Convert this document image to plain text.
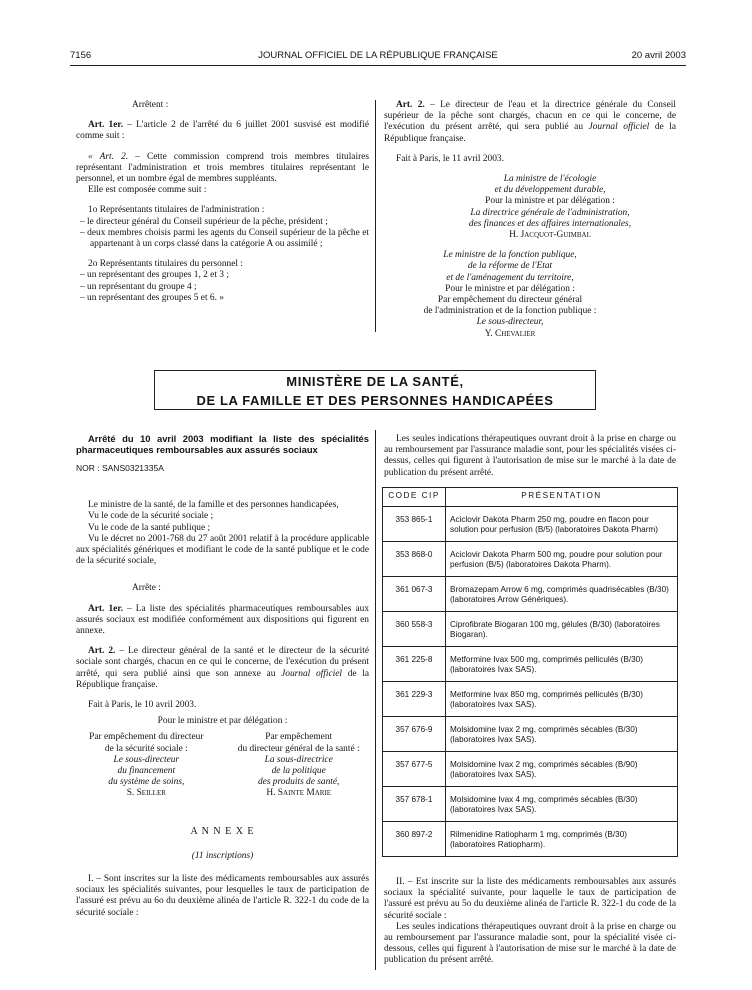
7156	JOURNAL OFFICIEL DE LA RÉPUBLIQUE FRANÇAISE	20 avril 2003

Arrêtent :

Art. 1er. – L'article 2 de l'arrêté du 6 juillet 2001 susvisé est modifié comme suit :

« Art. 2. – Cette commission comprend trois membres titulaires représentant l'administration et trois membres titulaires représentant le personnel, et un nombre égal de membres suppléants.

Elle est composée comme suit :

1o Représentants titulaires de l'administration :

– le directeur général du Conseil supérieur de la pêche, président ;

– deux membres choisis parmi les agents du Conseil supérieur de la pêche et appartenant à un corps classé dans la catégorie A ou assimilé ;

2o Représentants titulaires du personnel :

– un représentant des groupes 1, 2 et 3 ;

– un représentant du groupe 4 ;

– un représentant des groupes 5 et 6. »

Art. 2. – Le directeur de l'eau et la directrice générale du Conseil supérieur de la pêche sont chargés, chacun en ce qui le concerne, de l'exécution du présent arrêté, qui sera publié au Journal officiel de la République française.

Fait à Paris, le 11 avril 2003.

La ministre de l'écologie

et du développement durable,

Pour la ministre et par délégation :

La directrice générale de l'administration,

des finances et des affaires internationales,

H. Jacquot-Guimbal

Le ministre de la fonction publique,

de la réforme de l'Etat

et de l'aménagement du territoire,

Pour le ministre et par délégation :

Par empêchement du directeur général

de l'administration et de la fonction publique :

Le sous-directeur,

Y. Chevalier

MINISTÈRE DE LA SANTÉ,
DE LA FAMILLE ET DES PERSONNES HANDICAPÉES

Arrêté du 10 avril 2003 modifiant la liste des spécialités pharmaceutiques remboursables aux assurés sociaux

NOR : SANS0321335A

Le ministre de la santé, de la famille et des personnes handicapées,

Vu le code de la sécurité sociale ;

Vu le code de la santé publique ;

Vu le décret no 2001-768 du 27 août 2001 relatif à la procédure applicable aux spécialités génériques et modifiant le code de la santé publique et le code de la sécurité sociale,

Arrête :

Art. 1er. – La liste des spécialités pharmaceutiques remboursables aux assurés sociaux est modifiée conformément aux dispositions qui figurent en annexe.

Art. 2. – Le directeur général de la santé et le directeur de la sécurité sociale sont chargés, chacun en ce qui le concerne, de l'exécution du présent arrêté, qui sera publié ainsi que son annexe au Journal officiel de la République française.

Fait à Paris, le 10 avril 2003.

Pour le ministre et par délégation :

Par empêchement du directeur

de la sécurité sociale :

Le sous-directeur

du financement

du système de soins,

S. Seiller

Par empêchement

du directeur général de la santé :

La sous-directrice

de la politique

des produits de santé,

H. Sainte Marie

A N N E X E

(11 inscriptions)

I. – Sont inscrites sur la liste des médicaments remboursables aux assurés sociaux les spécialités suivantes, pour lesquelles le taux de participation de l'assuré est prévu au 6o du deuxième alinéa de l'article R. 322-1 du code de la sécurité sociale :

Les seules indications thérapeutiques ouvrant droit à la prise en charge ou au remboursement par l'assurance maladie sont, pour les spécialités visées ci-dessus, celles qui figurent à l'autorisation de mise sur le marché à la date de publication du présent arrêté.

CODE CIP	PRÉSENTATION
353 865-1	Aciclovir Dakota Pharm 250 mg, poudre en flacon pour solution pour perfusion (B/5) (laboratoires Dakota Pharm)
353 868-0	Aciclovir Dakota Pharm 500 mg, poudre pour solution pour perfusion (B/5) (laboratoires Dakota Pharm).
361 067-3	Bromazepam Arrow 6 mg, comprimés quadrisécables (B/30) (laboratoires Arrow Génériques).
360 558-3	Ciprofibrate Biogaran 100 mg, gélules (B/30) (laboratoires Biogaran).
361 225-8	Metformine Ivax 500 mg, comprimés pelliculés (B/30) (laboratoires Ivax SAS).
361 229-3	Metformine Ivax 850 mg, comprimés pelliculés (B/30) (laboratoires Ivax SAS).
357 676-9	Molsidomine Ivax 2 mg, comprimés sécables (B/30) (laboratoires Ivax SAS).
357 677-5	Molsidomine Ivax 2 mg, comprimés sécables (B/90) (laboratoires Ivax SAS).
357 678-1	Molsidomine Ivax 4 mg, comprimés sécables (B/30) (laboratoires Ivax SAS).
360 897-2	Rilmenidine Ratiopharm 1 mg, comprimés (B/30) (laboratoires Ratiopharm).

II. – Est inscrite sur la liste des médicaments remboursables aux assurés sociaux la spécialité suivante, pour laquelle le taux de participation de l'assuré est prévu au 5o du deuxième alinéa de l'article R. 322-1 du code de la sécurité sociale :

Les seules indications thérapeutiques ouvrant droit à la prise en charge ou au remboursement par l'assurance maladie sont, pour la spécialité visée ci-dessous, celles qui figurent à l'autorisation de mise sur le marché à la date de publication du présent arrêté.
